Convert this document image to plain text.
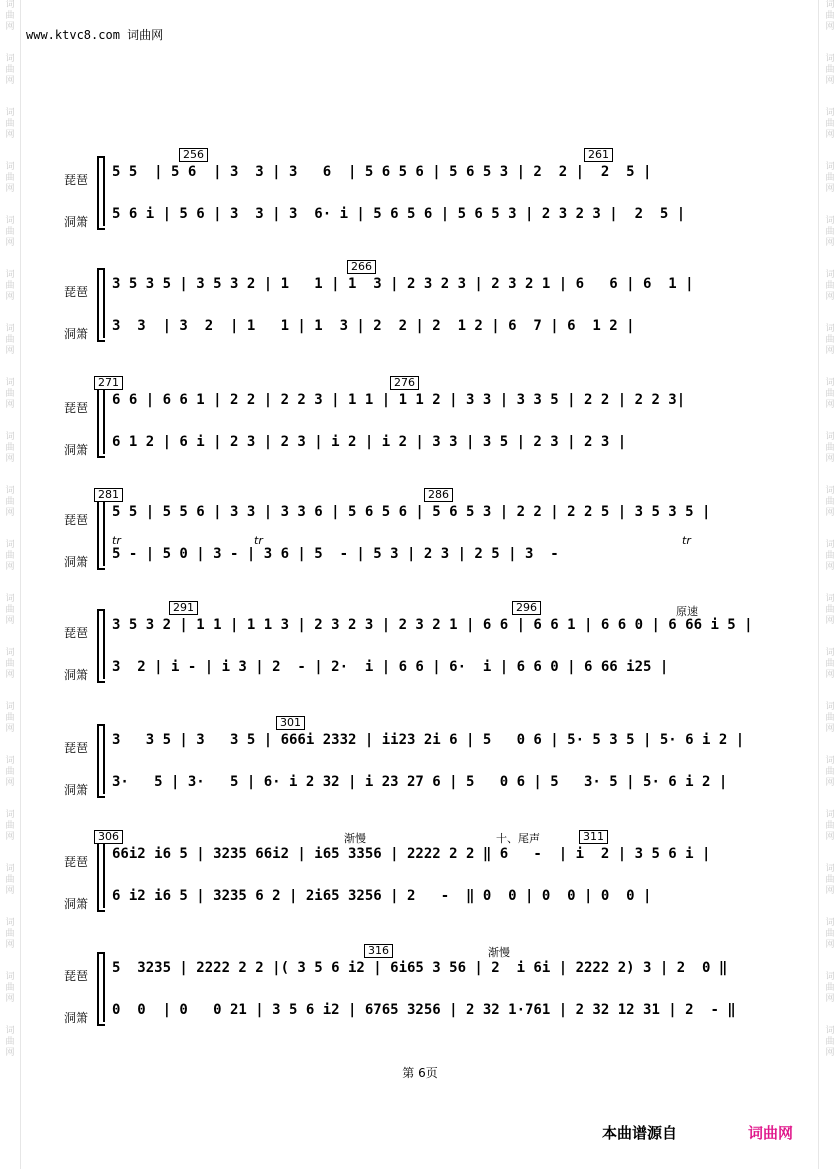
词
曲
网
词
曲
网
词
曲
网
词
曲
网
词
曲
网
词
曲
网
词
曲
网
词
曲
网
词
曲
网
词
曲
网
词
曲
网
词
曲
网
词
曲
网
词
曲
网
词
曲
网
词
曲
网
词
曲
网
词
曲
网
词
曲
网
词
曲
网
词
曲
网
词
曲
网
词
曲
网
词
曲
网
词
曲
网
词
曲
网
词
曲
网
词
曲
网
词
曲
网
词
曲
网
词
曲
网
词
曲
网
词
曲
网
词
曲
网
词
曲
网
词
曲
网
词
曲
网
词
曲
网
词
曲
网
词
曲
网
www.ktvc8.com 词曲网
琵琶
洞箫
5 5  | 5 6  | 3  3 | 3   6  | 5 6 5 6 | 5 6 5 3 | 2  2 |  2  5 |
5 6 i | 5 6 | 3  3 | 3  6· i | 5 6 5 6 | 5 6 5 3 | 2 3 2 3 |  2  5 |
256	261
琵琶
洞箫
3 5 3 5 | 3 5 3 2 | 1   1 | 1  3 | 2 3 2 3 | 2 3 2 1 | 6   6 | 6  1 |
3  3  | 3  2  | 1   1 | 1  3 | 2  2 | 2  1 2 | 6  7 | 6  1 2 |
266
琵琶
洞箫
6 6 | 6 6 1 | 2 2 | 2 2 3 | 1 1 | 1 1 2 | 3 3 | 3 3 5 | 2 2 | 2 2 3|
6 1 2 | 6 i | 2 3 | 2 3 | i 2 | i 2 | 3 3 | 3 5 | 2 3 | 2 3 |
271	276
琵琶
洞箫
5 5 | 5 5 6 | 3 3 | 3 3 6 | 5 6 5 6 | 5 6 5 3 | 2 2 | 2 2 5 | 3 5 3 5 |
5 - | 5 0 | 3 - | 3 6 | 5  - | 5 3 | 2 3 | 2 5 | 3  -
281	286
tr	tr	tr
琵琶
洞箫
3 5 3 2 | 1 1 | 1 1 3 | 2 3 2 3 | 2 3 2 1 | 6 6 | 6 6 1 | 6 6 0 | 6 66 i 5 |
3  2 | i - | i 3 | 2  - | 2·  i | 6 6 | 6·  i | 6 6 0 | 6 66 i25 |
291	296	原速
琵琶
洞箫
3   3 5 | 3   3 5 | 666i 2332 | ii23 2i 6 | 5   0 6 | 5· 5 3 5 | 5· 6 i 2 |
3·   5 | 3·   5 | 6· i 2 32 | i 23 27 6 | 5   0 6 | 5   3· 5 | 5· 6 i 2 |
301
琵琶
洞箫
66i2 i6 5 | 3235 66i2 | i65 3356 | 2222 2 2 ‖ 6   -  | i  2 | 3 5 6 i |
6 i2 i6 5 | 3235 6 2 | 2i65 3256 | 2   -  ‖ 0  0 | 0  0 | 0  0 |
306	311
渐慢	十、尾声
琵琶
洞箫
5  3235 | 2222 2 2 |( 3 5 6 i2 | 6i65 3 56 | 2  i 6i | 2222 2) 3 | 2  0 ‖
0  0  | 0   0 21 | 3 5 6 i2 | 6765 3256 | 2 32 1·761 | 2 32 12 31 | 2  - ‖
316	渐慢
第 6页
本曲谱源自	词曲网
